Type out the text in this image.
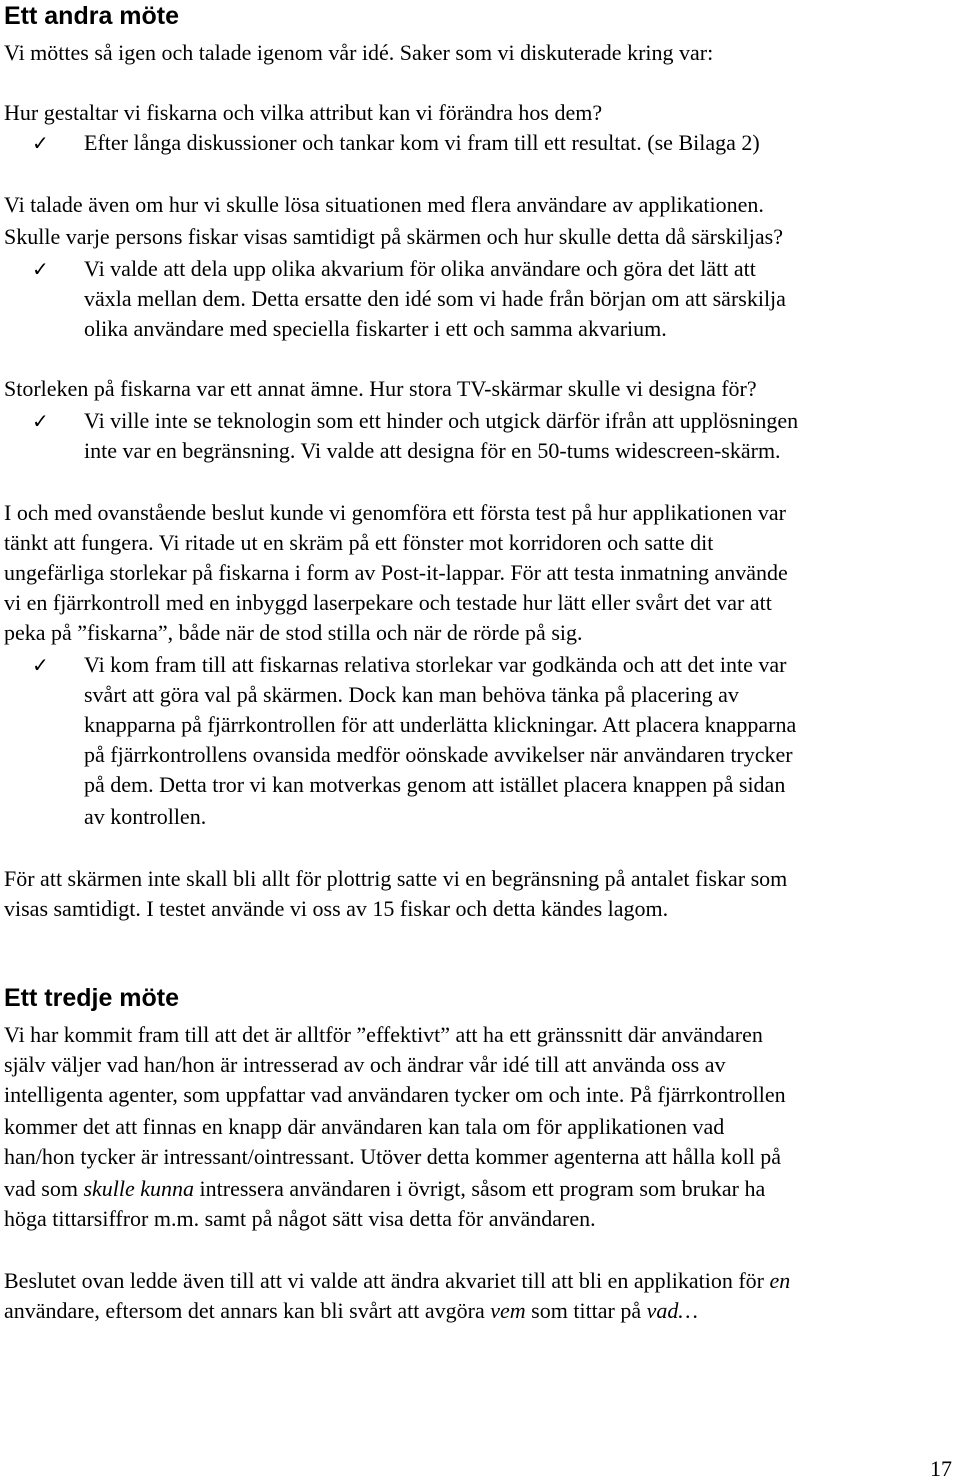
Ett andra möte
Vi möttes så igen och talade igenom vår idé. Saker som vi diskuterade kring var:
Hur gestaltar vi fiskarna och vilka attribut kan vi förändra hos dem?
✓ Efter långa diskussioner och tankar kom vi fram till ett resultat. (se Bilaga 2)
Vi talade även om hur vi skulle lösa situationen med flera användare av applikationen.
Skulle varje persons fiskar visas samtidigt på skärmen och hur skulle detta då särskiljas?
✓ Vi valde att dela upp olika akvarium för olika användare och göra det lätt att
växla mellan dem. Detta ersatte den idé som vi hade från början om att särskilja
olika användare med speciella fiskarter i ett och samma akvarium.
Storleken på fiskarna var ett annat ämne. Hur stora TV-skärmar skulle vi designa för?
✓ Vi ville inte se teknologin som ett hinder och utgick därför ifrån att upplösningen
inte var en begränsning. Vi valde att designa för en 50-tums widescreen-skärm.
I och med ovanstående beslut kunde vi genomföra ett första test på hur applikationen var
tänkt att fungera. Vi ritade ut en skräm på ett fönster mot korridoren och satte dit
ungefärliga storlekar på fiskarna i form av Post-it-lappar. För att testa inmatning använde
vi en fjärrkontroll med en inbyggd laserpekare och testade hur lätt eller svårt det var att
peka på ”fiskarna”, både när de stod stilla och när de rörde på sig.
✓ Vi kom fram till att fiskarnas relativa storlekar var godkända och att det inte var
svårt att göra val på skärmen. Dock kan man behöva tänka på placering av
knapparna på fjärrkontrollen för att underlätta klickningar. Att placera knapparna
på fjärrkontrollens ovansida medför oönskade avvikelser när användaren trycker
på dem. Detta tror vi kan motverkas genom att istället placera knappen på sidan
av kontrollen.
För att skärmen inte skall bli allt för plottrig satte vi en begränsning på antalet fiskar som
visas samtidigt. I testet använde vi oss av 15 fiskar och detta kändes lagom.
Ett tredje möte
Vi har kommit fram till att det är alltför ”effektivt” att ha ett gränssnitt där användaren
själv väljer vad han/hon är intresserad av och ändrar vår idé till att använda oss av
intelligenta agenter, som uppfattar vad användaren tycker om och inte. På fjärrkontrollen
kommer det att finnas en knapp där användaren kan tala om för applikationen vad
han/hon tycker är intressant/ointressant. Utöver detta kommer agenterna att hålla koll på
vad som skulle kunna intressera användaren i övrigt, såsom ett program som brukar ha
höga tittarsiffror m.m. samt på något sätt visa detta för användaren.
Beslutet ovan ledde även till att vi valde att ändra akvariet till att bli en applikation för en
användare, eftersom det annars kan bli svårt att avgöra vem som tittar på vad…
17
